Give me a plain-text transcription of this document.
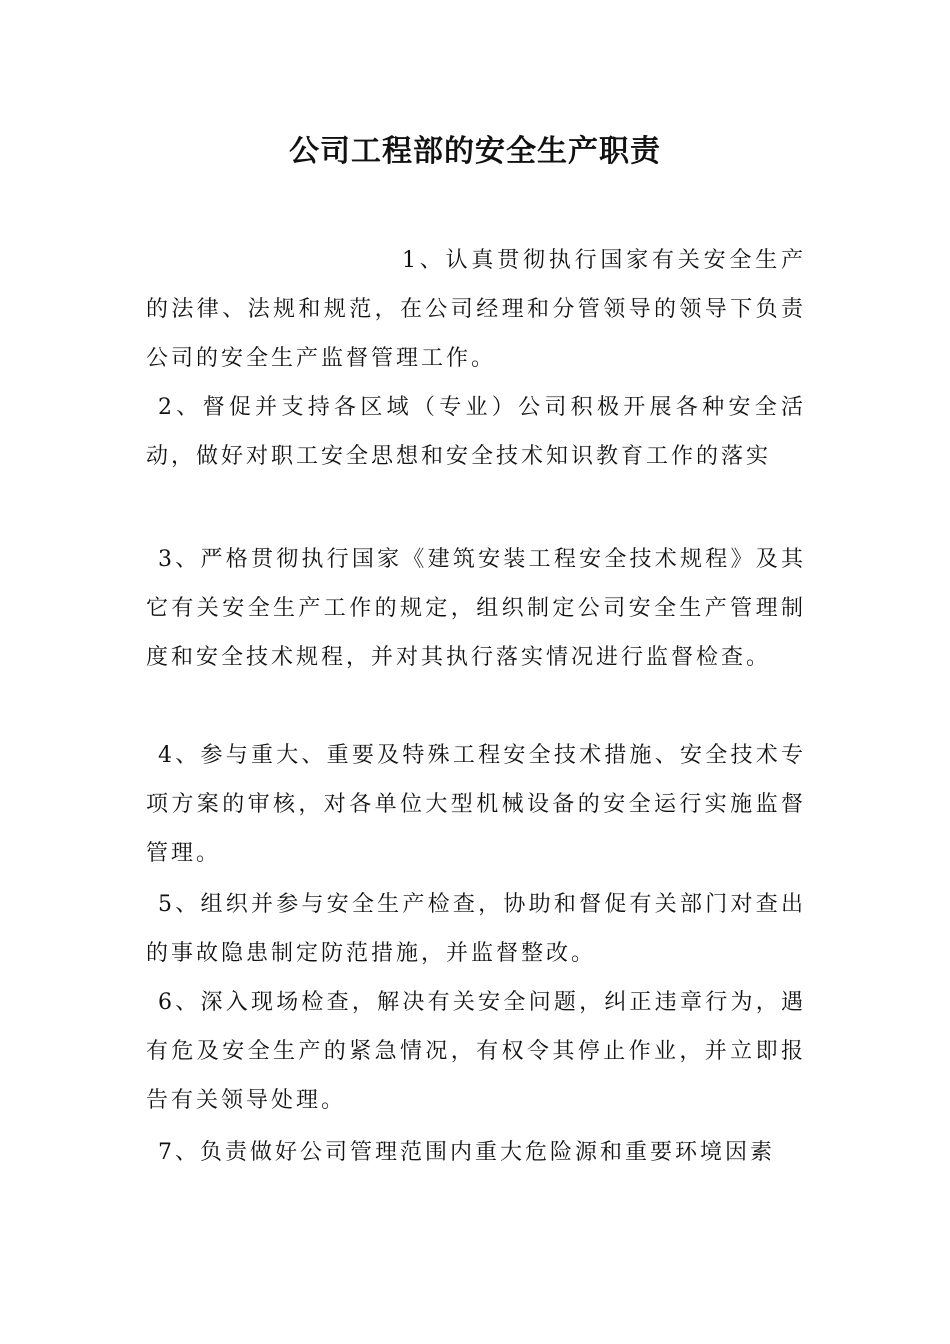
公司工程部的安全生产职责

1、认真贯彻执行国家有关安全生产的法律、法规和规范，在公司经理和分管领导的领导下负责公司的安全生产监督管理工作。

2、督促并支持各区域（专业）公司积极开展各种安全活动，做好对职工安全思想和安全技术知识教育工作的落实

3、严格贯彻执行国家《建筑安装工程安全技术规程》及其它有关安全生产工作的规定，组织制定公司安全生产管理制度和安全技术规程，并对其执行落实情况进行监督检查。

4、参与重大、重要及特殊工程安全技术措施、安全技术专项方案的审核，对各单位大型机械设备的安全运行实施监督管理。

5、组织并参与安全生产检查，协助和督促有关部门对查出的事故隐患制定防范措施，并监督整改。

6、深入现场检查，解决有关安全问题，纠正违章行为，遇有危及安全生产的紧急情况，有权令其停止作业，并立即报告有关领导处理。

7、负责做好公司管理范围内重大危险源和重要环境因素
